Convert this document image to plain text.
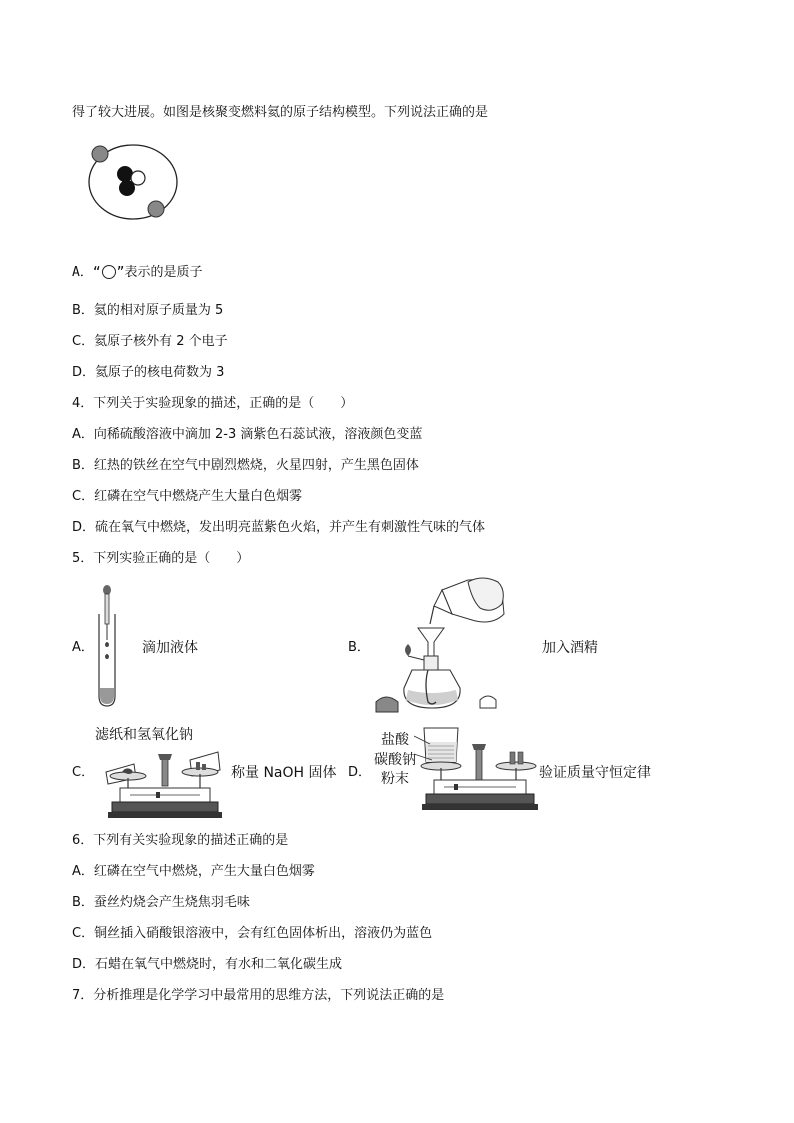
得了较大进展。如图是核聚变燃料氦的原子结构模型。下列说法正确的是
A．“ ”表示的是质子
B．氦的相对原子质量为 5
C．氦原子核外有 2 个电子
D．氦原子的核电荷数为 3
4．下列关于实验现象的描述，正确的是（　　）
A．向稀硫酸溶液中滴加 2-3 滴紫色石蕊试液，溶液颜色变蓝
B．红热的铁丝在空气中剧烈燃烧，火星四射，产生黑色固体
C．红磷在空气中燃烧产生大量白色烟雾
D．硫在氧气中燃烧，发出明亮蓝紫色火焰，并产生有刺激性气味的气体
5．下列实验正确的是（　　）
A．	滴加液体	B．	加入酒精
滤纸和氢氧化钠
C．	称量 NaOH 固体 D．
盐酸
碳酸钠
粉末	验证质量守恒定律
6．下列有关实验现象的描述正确的是
A．红磷在空气中燃烧，产生大量白色烟雾
B．蚕丝灼烧会产生烧焦羽毛味
C．铜丝插入硝酸银溶液中，会有红色固体析出，溶液仍为蓝色
D．石蜡在氧气中燃烧时，有水和二氧化碳生成
7．分析推理是化学学习中最常用的思维方法，下列说法正确的是
